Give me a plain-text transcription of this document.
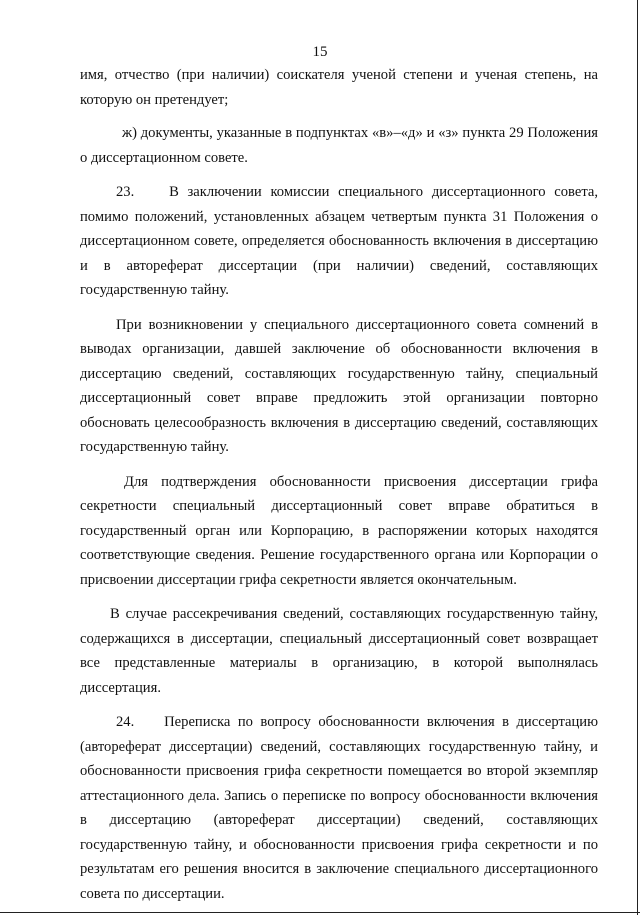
15

имя, отчество (при наличии) соискателя ученой степени и ученая степень, на которую он претендует;

ж) документы, указанные в подпунктах «в»–«д» и «з» пункта 29 Положения о диссертационном совете.

23.    В заключении комиссии специального диссертационного совета, помимо положений, установленных абзацем четвертым пункта 31 Положения о диссертационном совете, определяется обоснованность включения в диссертацию и в автореферат диссертации (при наличии) сведений, составляющих государственную тайну.

При возникновении у специального диссертационного совета сомнений в выводах организации, давшей заключение об обоснованности включения в диссертацию сведений, составляющих государственную тайну, специальный диссертационный совет вправе предложить этой организации повторно обосновать целесообразность включения в диссертацию сведений, составляющих государственную тайну.

Для подтверждения обоснованности присвоения диссертации грифа секретности специальный диссертационный совет вправе обратиться в государственный орган или Корпорацию, в распоряжении которых находятся соответствующие сведения. Решение государственного органа или Корпорации о присвоении диссертации грифа секретности является окончательным.

В случае рассекречивания сведений, составляющих государственную тайну, содержащихся в диссертации, специальный диссертационный совет возвращает все представленные материалы в организацию, в которой выполнялась диссертация.

24.    Переписка по вопросу обоснованности включения в диссертацию (автореферат диссертации) сведений, составляющих государственную тайну, и обоснованности присвоения грифа секретности помещается во второй экземпляр аттестационного дела. Запись о переписке по вопросу обоснованности включения в диссертацию (автореферат диссертации) сведений, составляющих государственную тайну, и обоснованности присвоения грифа секретности и по результатам его решения вносится в заключение специального диссертационного совета по диссертации.
